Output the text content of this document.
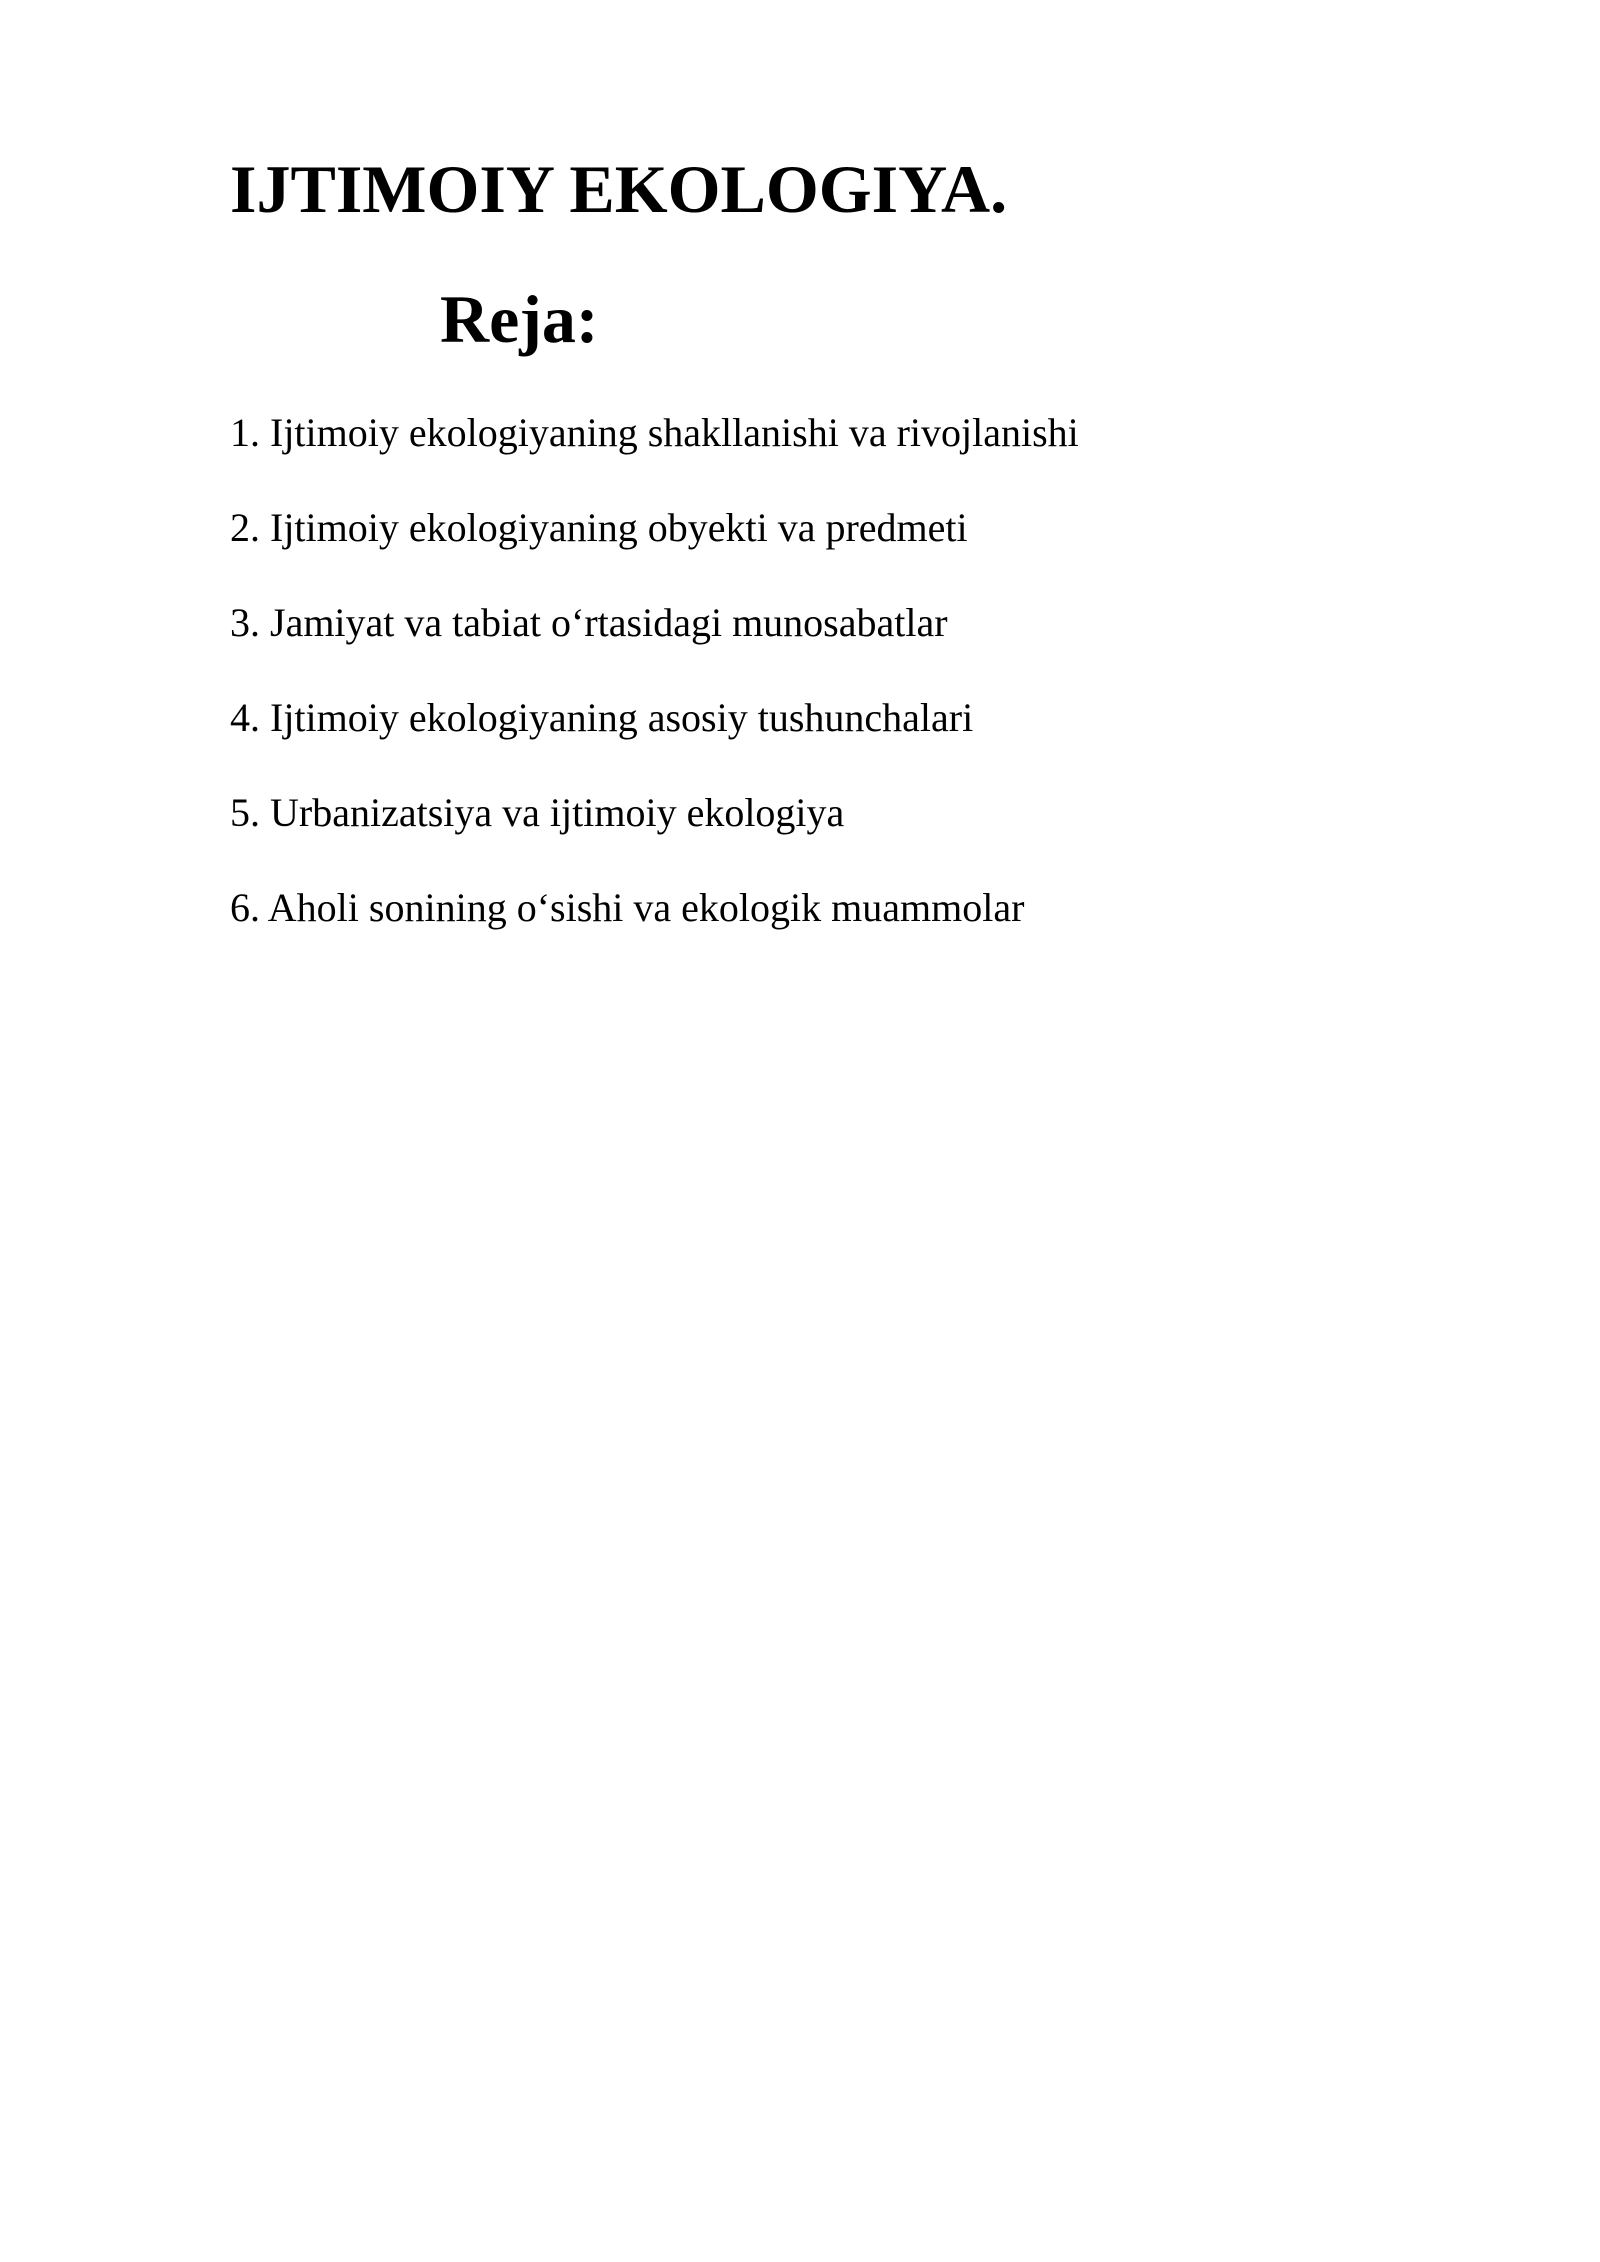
IJTIMOIY EKOLOGIYA.
Reja:
1. Ijtimoiy ekologiyaning shakllanishi va rivojlanishi
2. Ijtimoiy ekologiyaning obyekti va predmeti
3. Jamiyat va tabiat o‘rtasidagi munosabatlar
4. Ijtimoiy ekologiyaning asosiy tushunchalari
5. Urbanizatsiya va ijtimoiy ekologiya
6. Aholi sonining o‘sishi va ekologik muammolar
